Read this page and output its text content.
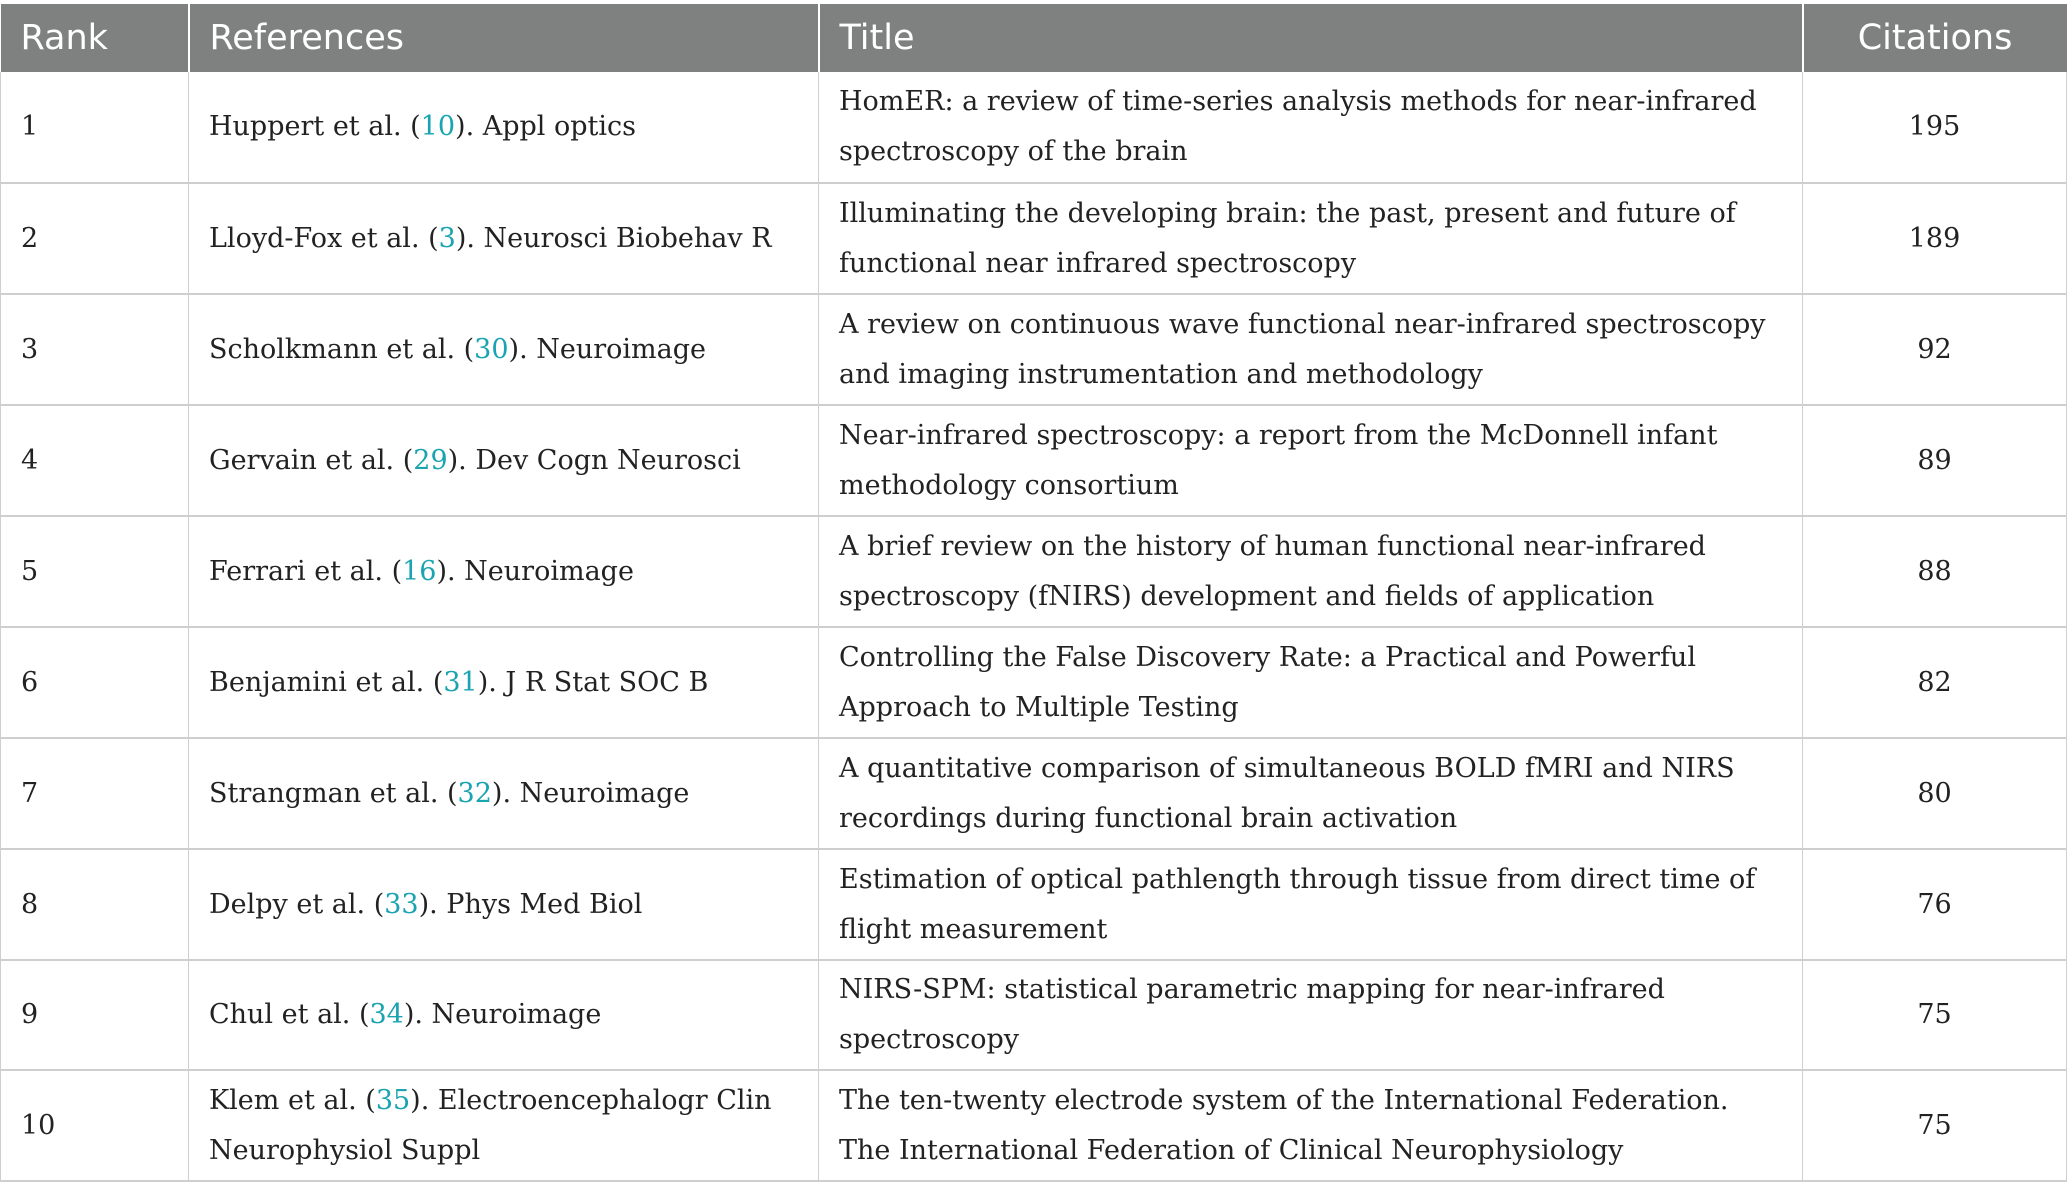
Rank	References	Title	Citations
1	Huppert et al. (10). Appl optics	HomER: a review of time-series analysis methods for near-infrared spectroscopy of the brain	195
2	Lloyd-Fox et al. (3). Neurosci Biobehav R	Illuminating the developing brain: the past, present and future of functional near infrared spectroscopy	189
3	Scholkmann et al. (30). Neuroimage	A review on continuous wave functional near-infrared spectroscopy and imaging instrumentation and methodology	92
4	Gervain et al. (29). Dev Cogn Neurosci	Near-infrared spectroscopy: a report from the McDonnell infant methodology consortium	89
5	Ferrari et al. (16). Neuroimage	A brief review on the history of human functional near-infrared spectroscopy (fNIRS) development and fields of application	88
6	Benjamini et al. (31). J R Stat SOC B	Controlling the False Discovery Rate: a Practical and Powerful Approach to Multiple Testing	82
7	Strangman et al. (32). Neuroimage	A quantitative comparison of simultaneous BOLD fMRI and NIRS recordings during functional brain activation	80
8	Delpy et al. (33). Phys Med Biol	Estimation of optical pathlength through tissue from direct time of flight measurement	76
9	Chul et al. (34). Neuroimage	NIRS-SPM: statistical parametric mapping for near-infrared spectroscopy	75
10	Klem et al. (35). Electroencephalogr Clin Neurophysiol Suppl	The ten-twenty electrode system of the International Federation. The International Federation of Clinical Neurophysiology	75
